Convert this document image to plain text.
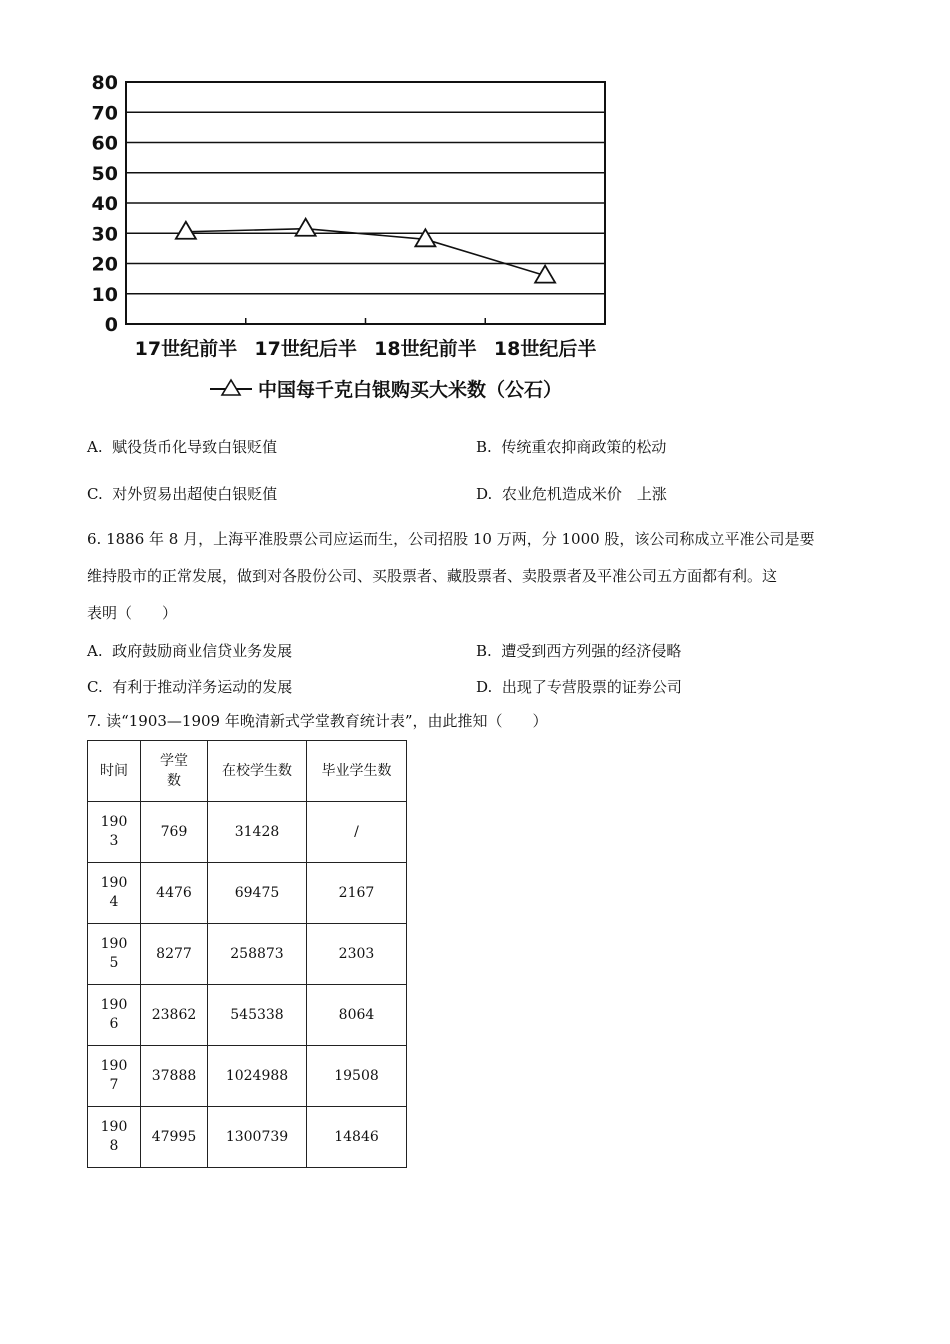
80
70
60
50
40
30
20
10
0
17世纪前半 17世纪后半 18世纪前半 18世纪后半
中国每千克白银购买大米数（公石）
A. 赋役货币化导致白银贬值	B. 传统重农抑商政策的松动
C. 对外贸易出超使白银贬值	D. 农业危机造成米价　上涨
6. 1886 年 8 月，上海平准股票公司应运而生，公司招股 10 万两，分 1000 股，该公司称成立平准公司是要
维持股市的正常发展，做到对各股份公司、买股票者、藏股票者、卖股票者及平准公司五方面都有利。这
表明（　　）
A. 政府鼓励商业信贷业务发展	B. 遭受到西方列强的经济侵略
C. 有利于推动洋务运动的发展	D. 出现了专营股票的证券公司
7. 读“1903—1909 年晚清新式学堂教育统计表”，由此推知（　　）
时间	学堂数	在校学生数	毕业学生数
1903	769	31428	/
1904	4476	69475	2167
1905	8277	258873	2303
1906	23862	545338	8064
1907	37888	1024988	19508
1908	47995	1300739	14846
